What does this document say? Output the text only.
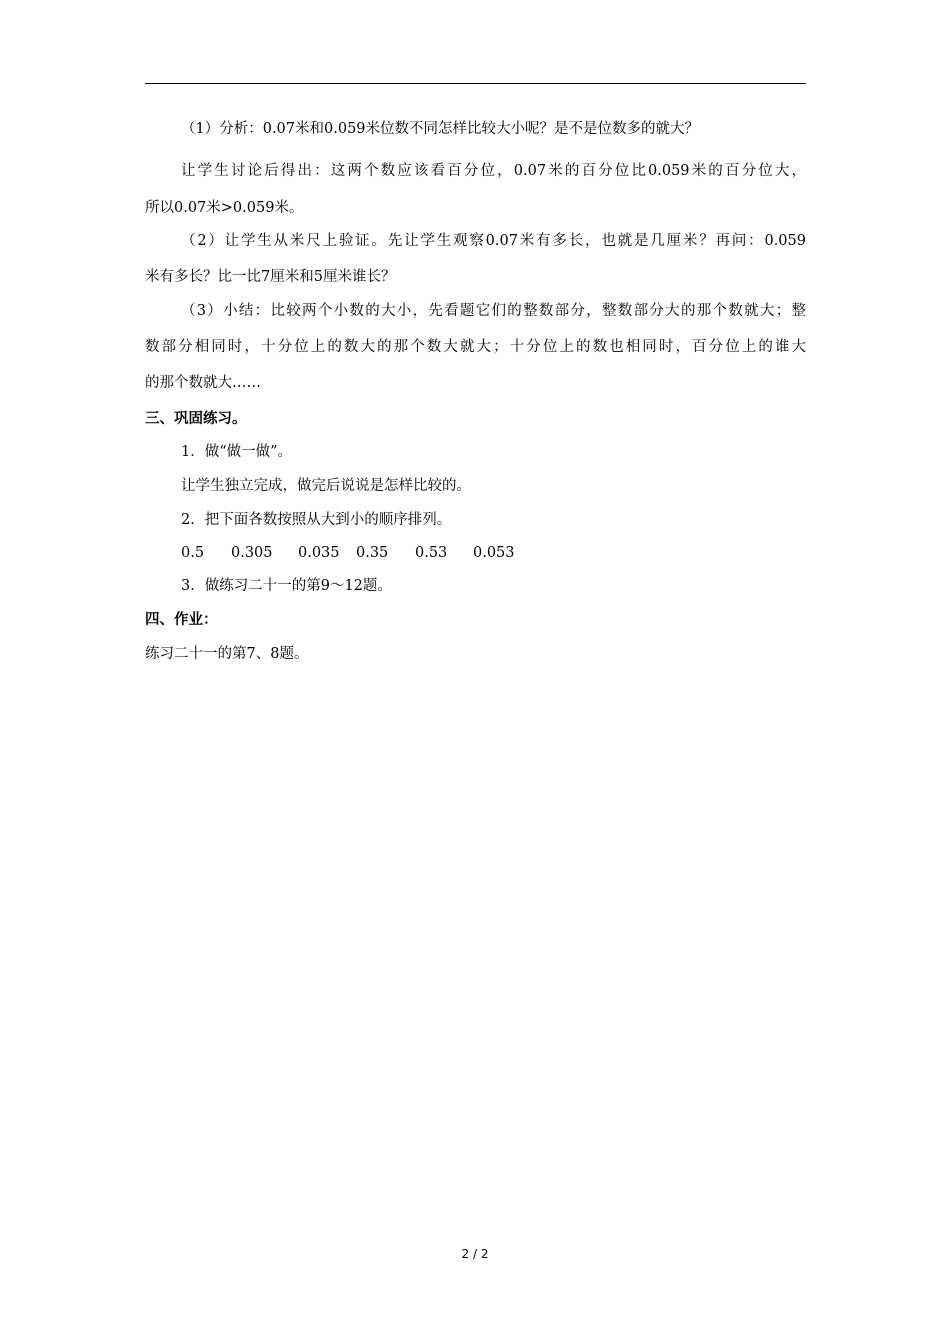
（1）分析：0.07米和0.059米位数不同怎样比较大小呢？是不是位数多的就大？
让学生讨论后得出：这两个数应该看百分位，0.07米的百分位比0.059米的百分位大，
所以0.07米>0.059米。
（2）让学生从米尺上验证。先让学生观察0.07米有多长，也就是几厘米？再问：0.059
米有多长？比一比7厘米和5厘米谁长？
（3）小结：比较两个小数的大小，先看题它们的整数部分，整数部分大的那个数就大；整
数部分相同时，十分位上的数大的那个数大就大；十分位上的数也相同时，百分位上的谁大
的那个数就大……
三、巩固练习。
1．做“做一做”。
让学生独立完成，做完后说说是怎样比较的。
2．把下面各数按照从大到小的顺序排列。
0.5 0.305 0.035 0.35 0.53 0.053
3．做练习二十一的第9～12题。
四、作业：
练习二十一的第7、8题。
2 / 2
